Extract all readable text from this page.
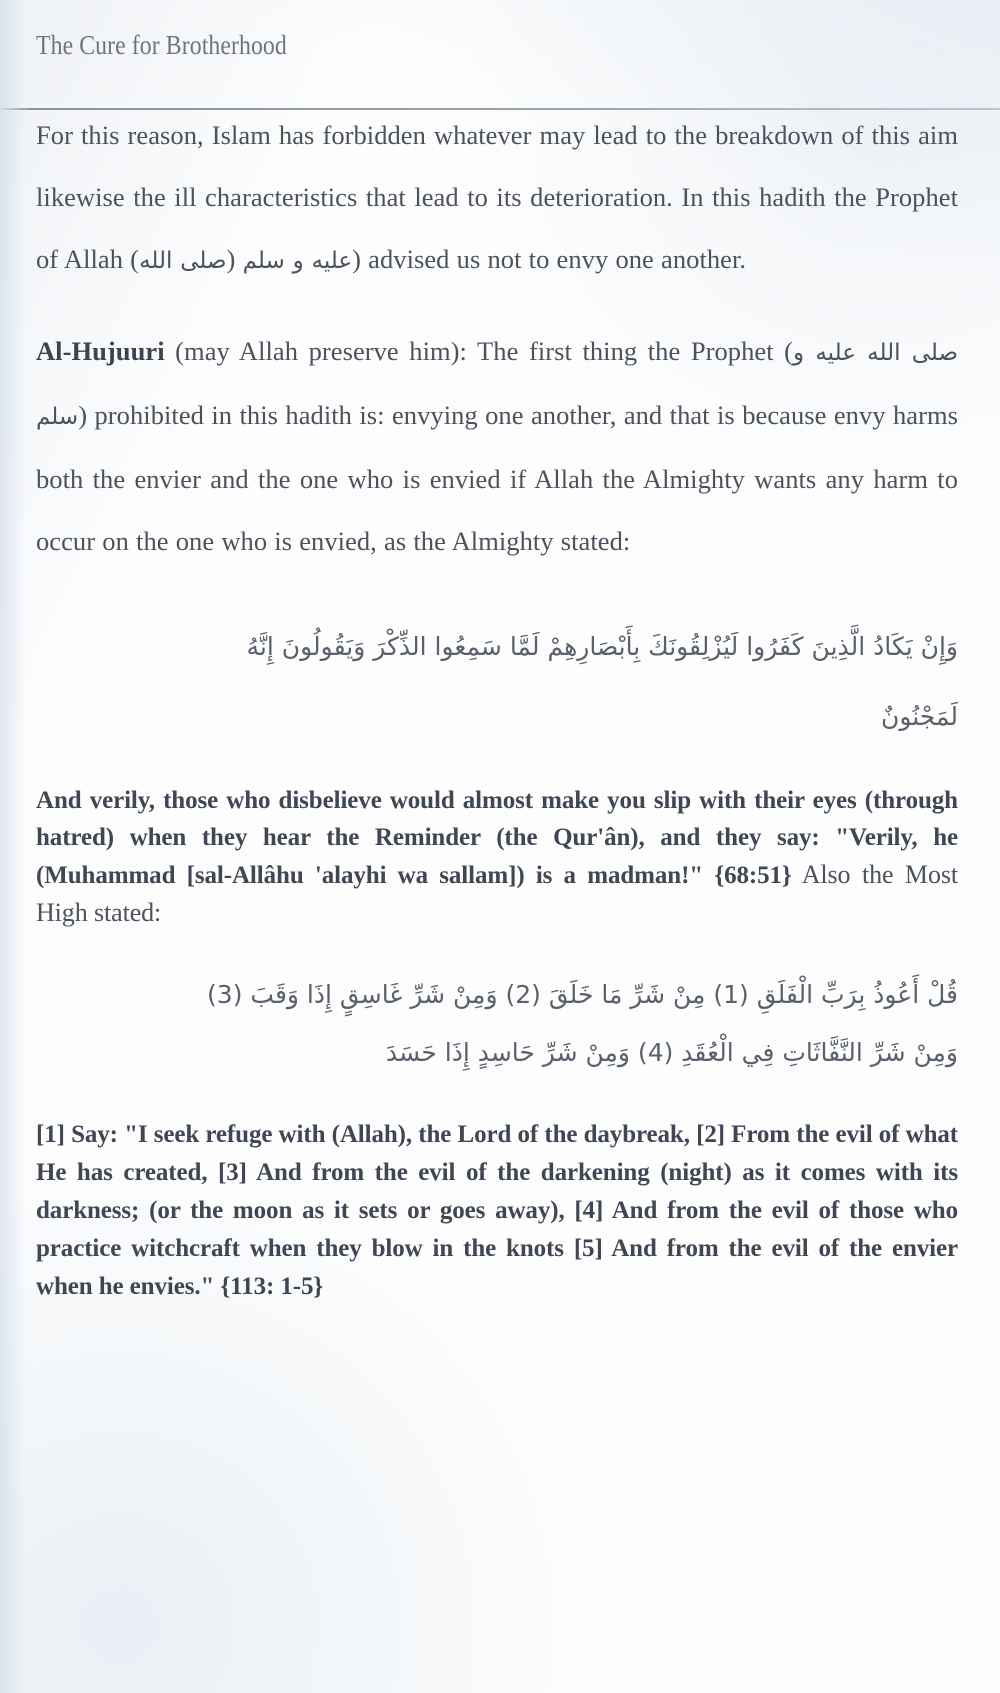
The Cure for Brotherhood

For this reason, Islam has forbidden whatever may lead to the breakdown of this aim likewise the ill characteristics that lead to its deterioration. In this hadith the Prophet of Allah (صلى الله) عليه و سلم) advised us not to envy one another.

Al-Hujuuri (may Allah preserve him): The first thing the Prophet (صلى الله عليه و سلم) prohibited in this hadith is: envying one another, and that is because envy harms both the envier and the one who is envied if Allah the Almighty wants any harm to occur on the one who is envied, as the Almighty stated:

وَإِنْ يَكَادُ الَّذِينَ كَفَرُوا لَيُزْلِقُونَكَ بِأَبْصَارِهِمْ لَمَّا سَمِعُوا الذِّكْرَ وَيَقُولُونَ إِنَّهُ
لَمَجْنُونٌ

And verily, those who disbelieve would almost make you slip with their eyes (through hatred) when they hear the Reminder (the Qur'ân), and they say: "Verily, he (Muhammad [sal-Allâhu 'alayhi wa sallam]) is a madman!" {68:51} Also the Most High stated:

قُلْ أَعُوذُ بِرَبِّ الْفَلَقِ (1) مِنْ شَرِّ مَا خَلَقَ (2) وَمِنْ شَرِّ غَاسِقٍ إِذَا وَقَبَ (3)
وَمِنْ شَرِّ النَّفَّاثَاتِ فِي الْعُقَدِ (4) وَمِنْ شَرِّ حَاسِدٍ إِذَا حَسَدَ

[1] Say: "I seek refuge with (Allah), the Lord of the daybreak, [2] From the evil of what He has created, [3] And from the evil of the darkening (night) as it comes with its darkness; (or the moon as it sets or goes away), [4] And from the evil of those who practice witchcraft when they blow in the knots [5] And from the evil of the envier when he envies." {113: 1-5}
